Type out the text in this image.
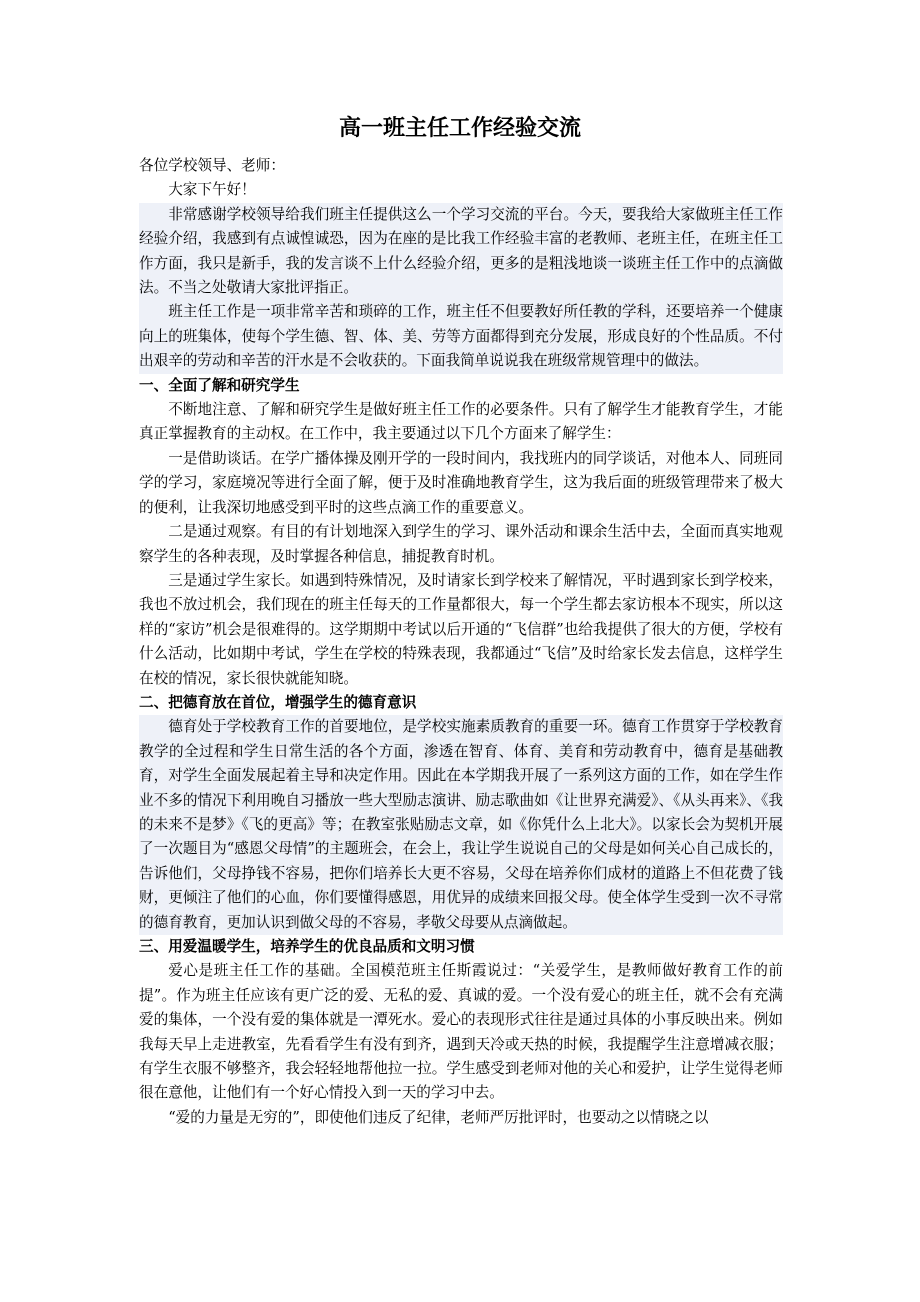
高一班主任工作经验交流

各位学校领导、老师：

大家下午好！

非常感谢学校领导给我们班主任提供这么一个学习交流的平台。今天，要我给大家做班主任工作经验介绍，我感到有点诚惶诚恐，因为在座的是比我工作经验丰富的老教师、老班主任，在班主任工作方面，我只是新手，我的发言谈不上什么经验介绍，更多的是粗浅地谈一谈班主任工作中的点滴做法。不当之处敬请大家批评指正。

班主任工作是一项非常辛苦和琐碎的工作，班主任不但要教好所任教的学科，还要培养一个健康向上的班集体，使每个学生德、智、体、美、劳等方面都得到充分发展，形成良好的个性品质。不付出艰辛的劳动和辛苦的汗水是不会收获的。下面我简单说说我在班级常规管理中的做法。

一、全面了解和研究学生

不断地注意、了解和研究学生是做好班主任工作的必要条件。只有了解学生才能教育学生，才能真正掌握教育的主动权。在工作中，我主要通过以下几个方面来了解学生：

一是借助谈话。在学广播体操及刚开学的一段时间内，我找班内的同学谈话，对他本人、同班同学的学习，家庭境况等进行全面了解，便于及时准确地教育学生，这为我后面的班级管理带来了极大的便利，让我深切地感受到平时的这些点滴工作的重要意义。

二是通过观察。有目的有计划地深入到学生的学习、课外活动和课余生活中去，全面而真实地观察学生的各种表现，及时掌握各种信息，捕捉教育时机。

三是通过学生家长。如遇到特殊情况，及时请家长到学校来了解情况，平时遇到家长到学校来，我也不放过机会，我们现在的班主任每天的工作量都很大，每一个学生都去家访根本不现实，所以这样的“家访”机会是很难得的。这学期期中考试以后开通的“飞信群”也给我提供了很大的方便，学校有什么活动，比如期中考试，学生在学校的特殊表现，我都通过“飞信”及时给家长发去信息，这样学生在校的情况，家长很快就能知晓。

二、把德育放在首位，增强学生的德育意识

德育处于学校教育工作的首要地位，是学校实施素质教育的重要一环。德育工作贯穿于学校教育教学的全过程和学生日常生活的各个方面，渗透在智育、体育、美育和劳动教育中，德育是基础教育，对学生全面发展起着主导和决定作用。因此在本学期我开展了一系列这方面的工作，如在学生作业不多的情况下利用晚自习播放一些大型励志演讲、励志歌曲如《让世界充满爱》、《从头再来》、《我的未来不是梦》《飞的更高》等；在教室张贴励志文章，如《你凭什么上北大》。以家长会为契机开展了一次题目为“感恩父母情”的主题班会，在会上，我让学生说说自己的父母是如何关心自己成长的，告诉他们，父母挣钱不容易，把你们培养长大更不容易，父母在培养你们成材的道路上不但花费了钱财，更倾注了他们的心血，你们要懂得感恩，用优异的成绩来回报父母。使全体学生受到一次不寻常的德育教育，更加认识到做父母的不容易，孝敬父母要从点滴做起。

三、用爱温暖学生，培养学生的优良品质和文明习惯

爱心是班主任工作的基础。全国模范班主任斯霞说过：“关爱学生，是教师做好教育工作的前提”。作为班主任应该有更广泛的爱、无私的爱、真诚的爱。一个没有爱心的班主任，就不会有充满爱的集体，一个没有爱的集体就是一潭死水。爱心的表现形式往往是通过具体的小事反映出来。例如我每天早上走进教室，先看看学生有没有到齐，遇到天冷或天热的时候，我提醒学生注意增减衣服；有学生衣服不够整齐，我会轻轻地帮他拉一拉。学生感受到老师对他的关心和爱护，让学生觉得老师很在意他，让他们有一个好心情投入到一天的学习中去。

“爱的力量是无穷的”，即使他们违反了纪律，老师严厉批评时，也要动之以情晓之以
